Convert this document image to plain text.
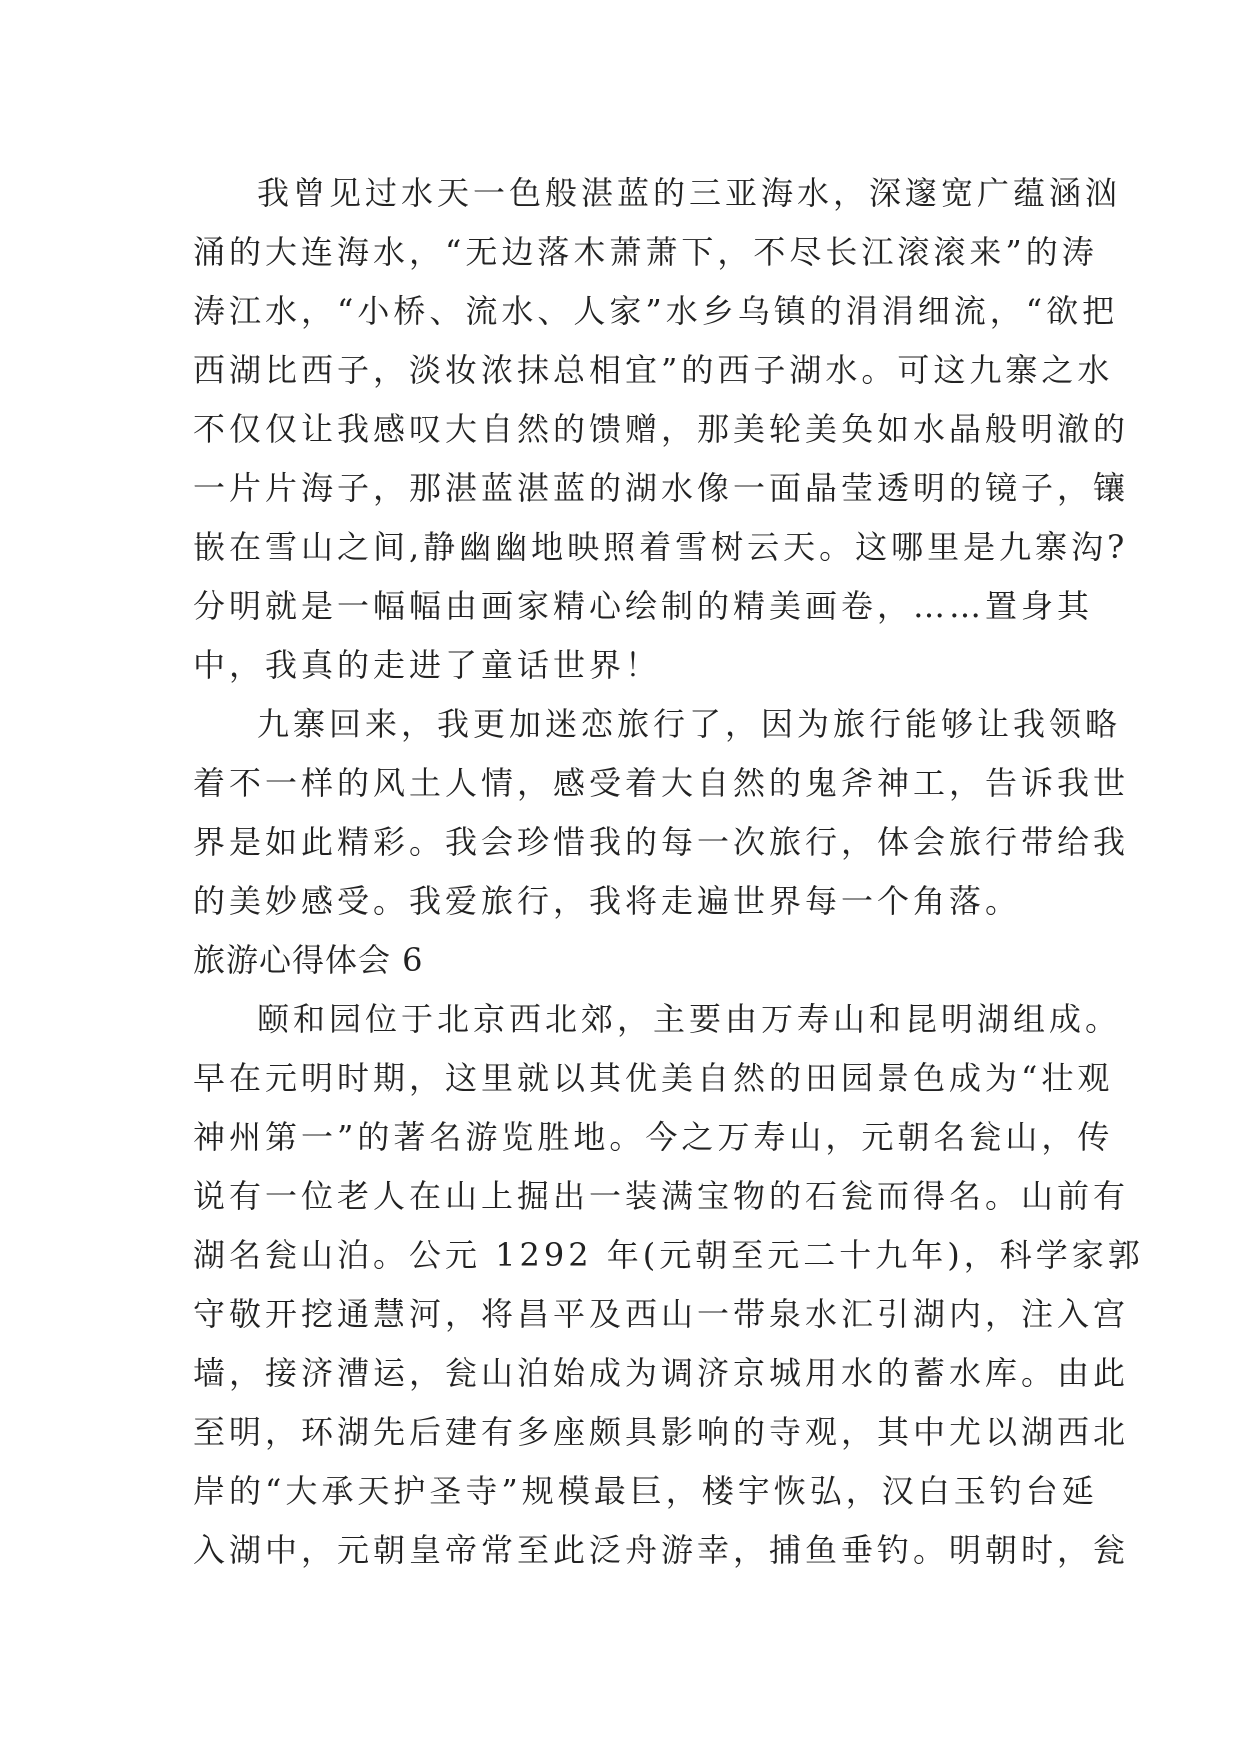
我曾见过水天一色般湛蓝的三亚海水，深邃宽广蕴涵汹
涌的大连海水，“无边落木萧萧下，不尽长江滚滚来”的涛
涛江水，“小桥、流水、人家”水乡乌镇的涓涓细流，“欲把
西湖比西子，淡妆浓抹总相宜”的西子湖水。可这九寨之水
不仅仅让我感叹大自然的馈赠，那美轮美奂如水晶般明澈的
一片片海子，那湛蓝湛蓝的湖水像一面晶莹透明的镜子，镶
嵌在雪山之间,静幽幽地映照着雪树云天。这哪里是九寨沟?
分明就是一幅幅由画家精心绘制的精美画卷，……置身其
中，我真的走进了童话世界！
九寨回来，我更加迷恋旅行了，因为旅行能够让我领略
着不一样的风土人情，感受着大自然的鬼斧神工，告诉我世
界是如此精彩。我会珍惜我的每一次旅行，体会旅行带给我
的美妙感受。我爱旅行，我将走遍世界每一个角落。
旅游心得体会 6
颐和园位于北京西北郊，主要由万寿山和昆明湖组成。
早在元明时期，这里就以其优美自然的田园景色成为“壮观
神州第一”的著名游览胜地。今之万寿山，元朝名瓮山，传
说有一位老人在山上掘出一装满宝物的石瓮而得名。山前有
湖名瓮山泊。公元 1292 年(元朝至元二十九年)，科学家郭
守敬开挖通慧河，将昌平及西山一带泉水汇引湖内，注入宫
墙，接济漕运，瓮山泊始成为调济京城用水的蓄水库。由此
至明，环湖先后建有多座颇具影响的寺观，其中尤以湖西北
岸的“大承天护圣寺”规模最巨，楼宇恢弘，汉白玉钓台延
入湖中，元朝皇帝常至此泛舟游幸，捕鱼垂钓。明朝时，瓮
